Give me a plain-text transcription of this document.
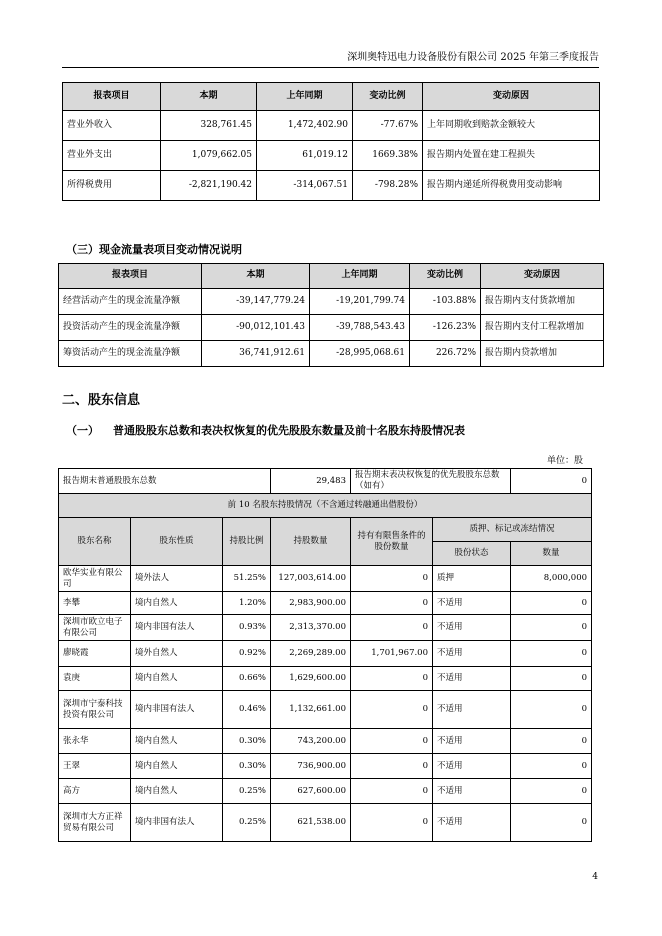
深圳奥特迅电力设备股份有限公司 2025 年第三季度报告
报表项目	本期	上年同期	变动比例	变动原因
营业外收入	328,761.45	1,472,402.90	-77.67%	上年同期收到赔款金额较大
营业外支出	1,079,662.05	61,019.12	1669.38%	报告期内处置在建工程损失
所得税费用	-2,821,190.42	-314,067.51	-798.28%	报告期内递延所得税费用变动影响
（三）现金流量表项目变动情况说明
报表项目	本期	上年同期	变动比例	变动原因
经营活动产生的现金流量净额	-39,147,779.24	-19,201,799.74	-103.88%	报告期内支付货款增加
投资活动产生的现金流量净额	-90,012,101.43	-39,788,543.43	-126.23%	报告期内支付工程款增加
筹资活动产生的现金流量净额	36,741,912.61	-28,995,068.61	226.72%	报告期内贷款增加
二、股东信息
（一） 普通股股东总数和表决权恢复的优先股股东数量及前十名股东持股情况表
单位：股
报告期末普通股股东总数			29,483	报告期末表决权恢复的优先股股东总数（如有）		0
前 10 名股东持股情况（不含通过转融通出借股份）						
股东名称	股东性质	持股比例	持股数量	持有有限售条件的股份数量	质押、标记或冻结情况	
					股份状态	数量
欧华实业有限公司	境外法人	51.25%	127,003,614.00	0	质押	8,000,000
李攀	境内自然人	1.20%	2,983,900.00	0	不适用	0
深圳市欧立电子有限公司	境内非国有法人	0.93%	2,313,370.00	0	不适用	0
廖晓霞	境外自然人	0.92%	2,269,289.00	1,701,967.00	不适用	0
袁庚	境内自然人	0.66%	1,629,600.00	0	不适用	0
深圳市宁泰科技投资有限公司	境内非国有法人	0.46%	1,132,661.00	0	不适用	0
张永华	境内自然人	0.30%	743,200.00	0	不适用	0
王翠	境内自然人	0.30%	736,900.00	0	不适用	0
高方	境内自然人	0.25%	627,600.00	0	不适用	0
深圳市大方正祥贸易有限公司	境内非国有法人	0.25%	621,538.00	0	不适用	0
4
